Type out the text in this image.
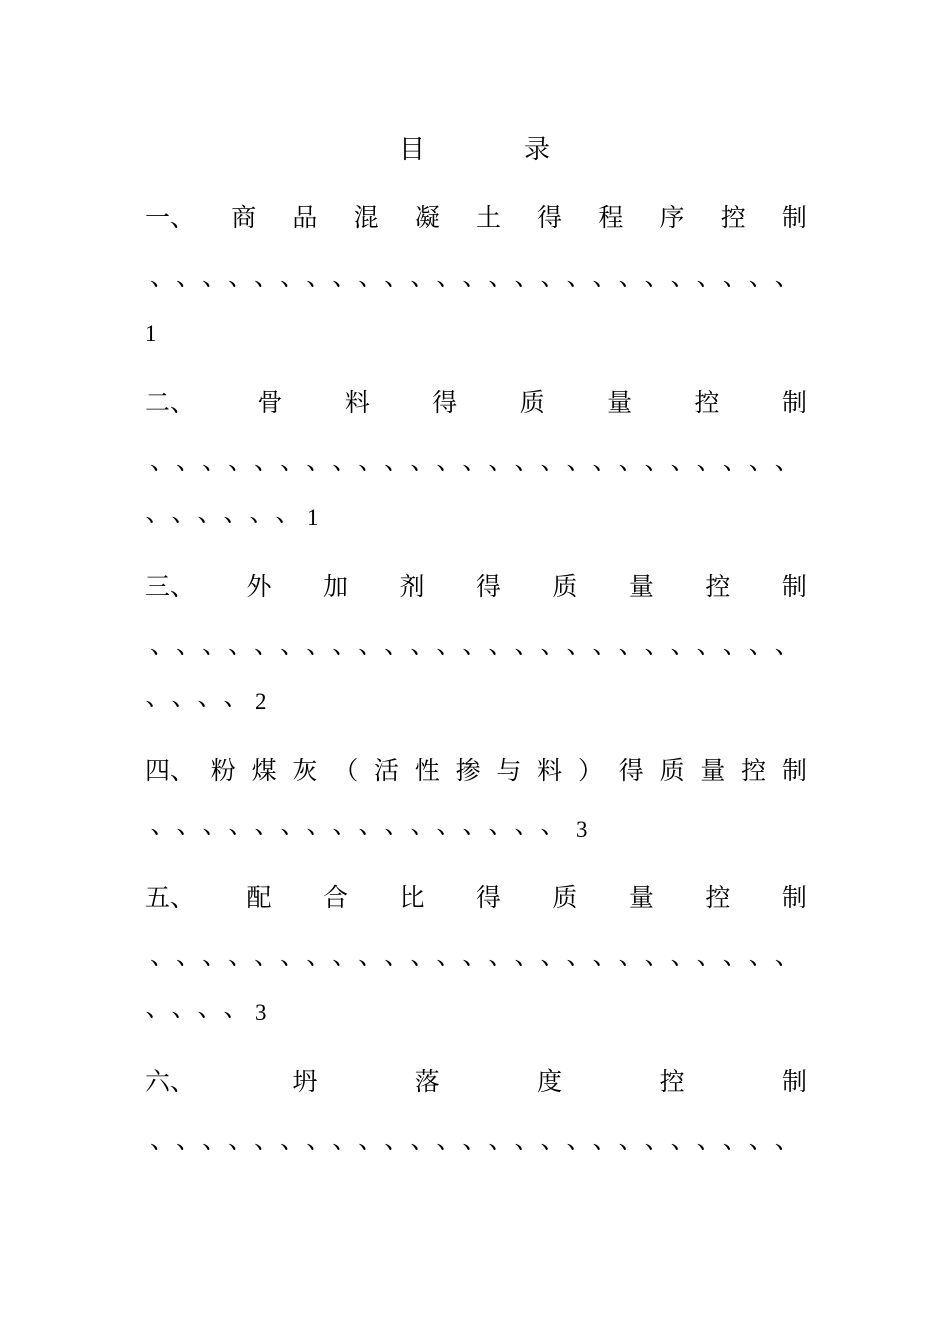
目	录
一、 商 品 混 凝 土 得 程 序 控 制
、 、 、 、 、 、 、 、 、 、 、 、 、 、 、 、 、 、 、 、 、 、 、 、 、
1
二、 骨 料 得 质 量 控 制
、 、 、 、 、 、 、 、 、 、 、 、 、 、 、 、 、 、 、 、 、 、 、 、 、
、 、 、 、 、 、 1
三、 外 加 剂 得 质 量 控 制
、 、 、 、 、 、 、 、 、 、 、 、 、 、 、 、 、 、 、 、 、 、 、 、 、
、 、 、 、 2
四、 粉 煤 灰 （ 活 性 掺 与 料 ） 得 质 量 控 制
、 、 、 、 、 、 、 、 、 、 、 、 、 、 、 、 3
五、 配 合 比 得 质 量 控 制
、 、 、 、 、 、 、 、 、 、 、 、 、 、 、 、 、 、 、 、 、 、 、 、 、
、 、 、 、 3
六、	坍	落	度	控	制
、 、 、 、 、 、 、 、 、 、 、 、 、 、 、 、 、 、 、 、 、 、 、 、 、
